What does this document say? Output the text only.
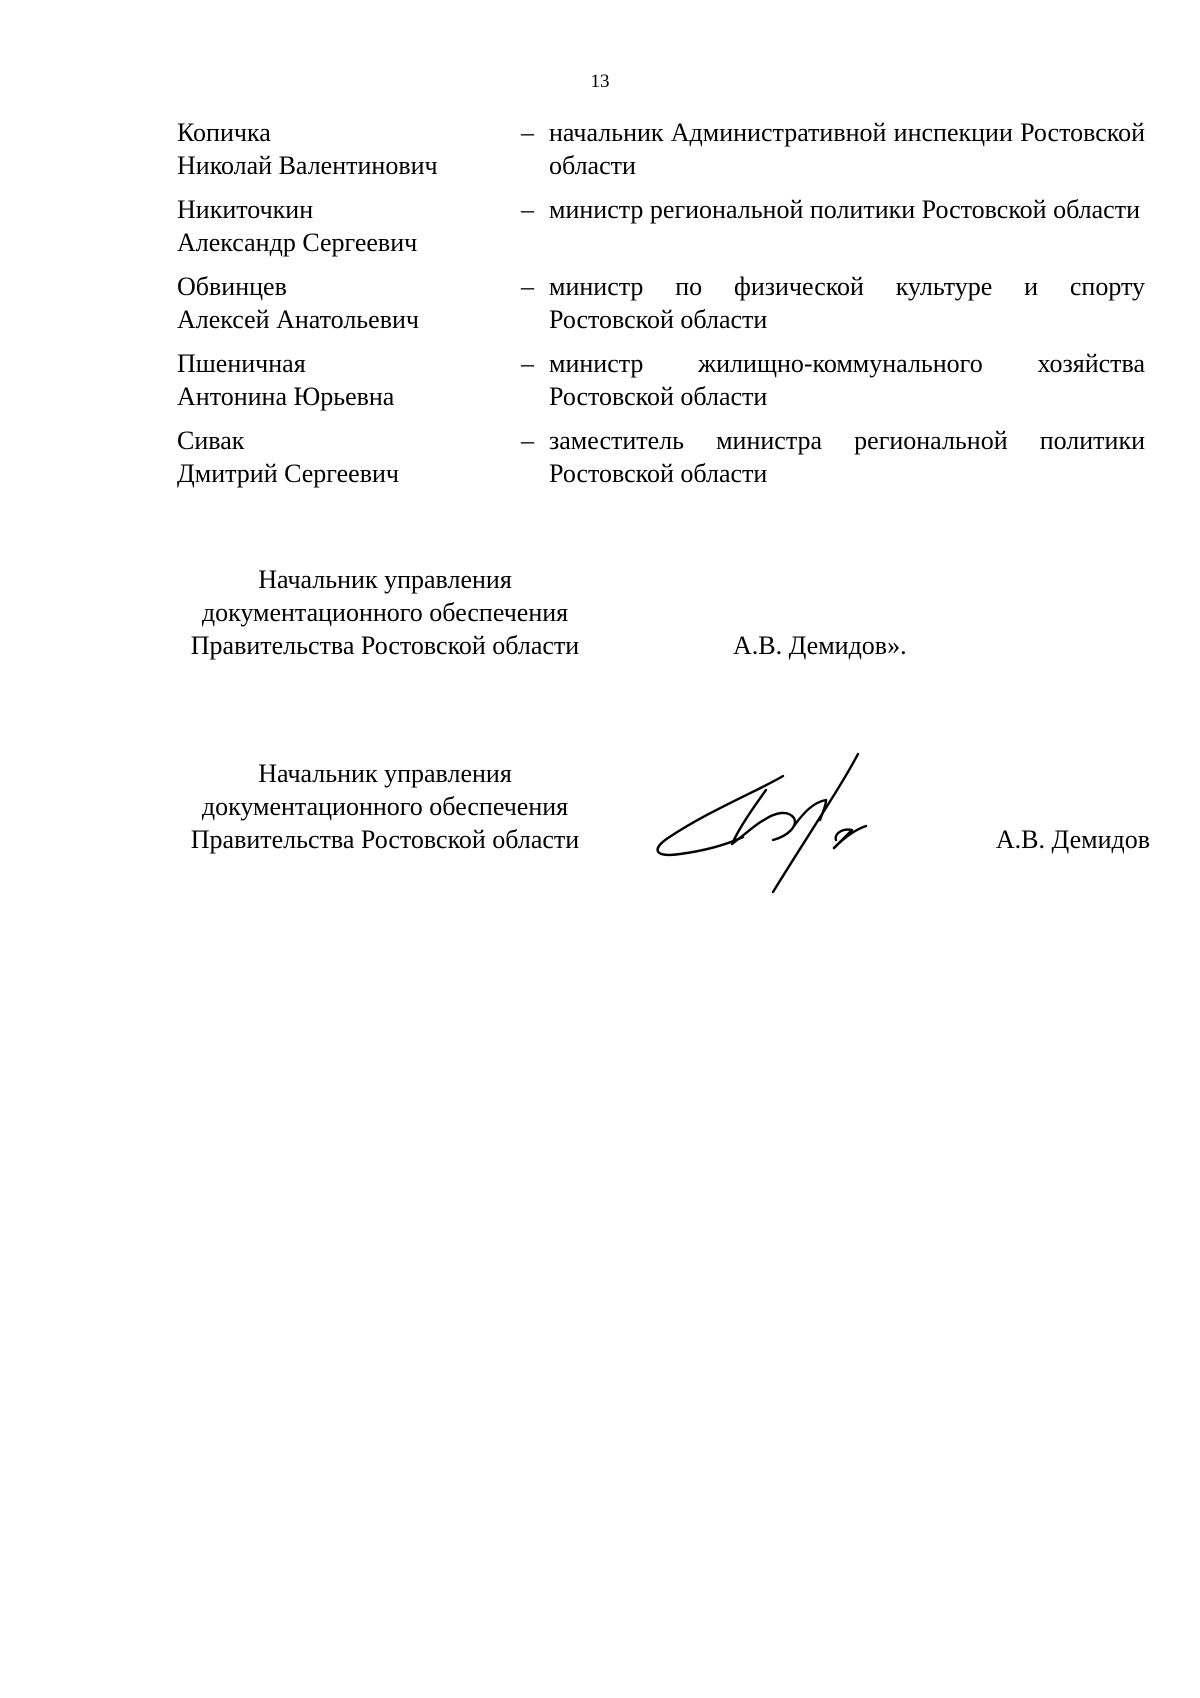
13
Копичка
Николай Валентинович
– начальник Административной инспекции Ростовской области
Никиточкин
Александр Сергеевич
– министр региональной политики Ростовской области
Обвинцев
Алексей Анатольевич
– министр по физической культуре и спорту Ростовской области
Пшеничная
Антонина Юрьевна
– министр жилищно-коммунального хозяйства Ростовской области
Сивак
Дмитрий Сергеевич
– заместитель министра региональной политики Ростовской области
Начальник управления
документационного обеспечения
Правительства Ростовской области	А.В. Демидов».
Начальник управления
документационного обеспечения
Правительства Ростовской области	А.В. Демидов
